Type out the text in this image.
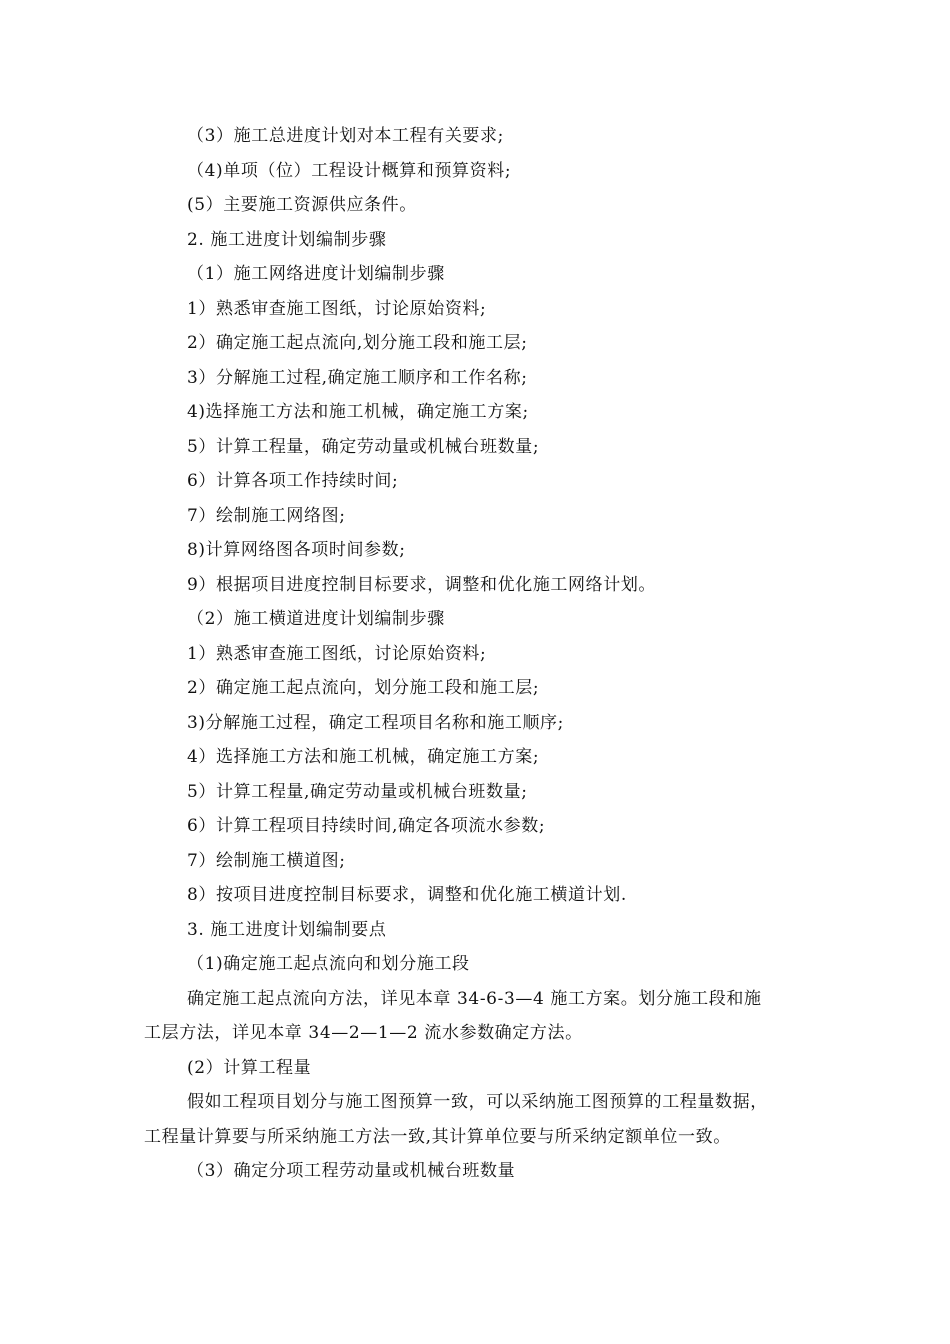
（3）施工总进度计划对本工程有关要求;
（4)单项（位）工程设计概算和预算资料;
(5）主要施工资源供应条件。
2. 施工进度计划编制步骤
（1）施工网络进度计划编制步骤
1）熟悉审查施工图纸，讨论原始资料;
2）确定施工起点流向,划分施工段和施工层;
3）分解施工过程,确定施工顺序和工作名称;
4)选择施工方法和施工机械，确定施工方案;
5）计算工程量，确定劳动量或机械台班数量;
6）计算各项工作持续时间;
7）绘制施工网络图;
8)计算网络图各项时间参数;
9）根据项目进度控制目标要求，调整和优化施工网络计划。
（2）施工横道进度计划编制步骤
1）熟悉审查施工图纸，讨论原始资料;
2）确定施工起点流向，划分施工段和施工层;
3)分解施工过程，确定工程项目名称和施工顺序;
4）选择施工方法和施工机械，确定施工方案;
5）计算工程量,确定劳动量或机械台班数量;
6）计算工程项目持续时间,确定各项流水参数;
7）绘制施工横道图;
8）按项目进度控制目标要求，调整和优化施工横道计划.
3. 施工进度计划编制要点
（1)确定施工起点流向和划分施工段
确定施工起点流向方法，详见本章 34-6-3—4 施工方案。划分施工段和施
工层方法，详见本章 34—2—1—2 流水参数确定方法。
(2）计算工程量
假如工程项目划分与施工图预算一致，可以采纳施工图预算的工程量数据，
工程量计算要与所采纳施工方法一致,其计算单位要与所采纳定额单位一致。
（3）确定分项工程劳动量或机械台班数量
